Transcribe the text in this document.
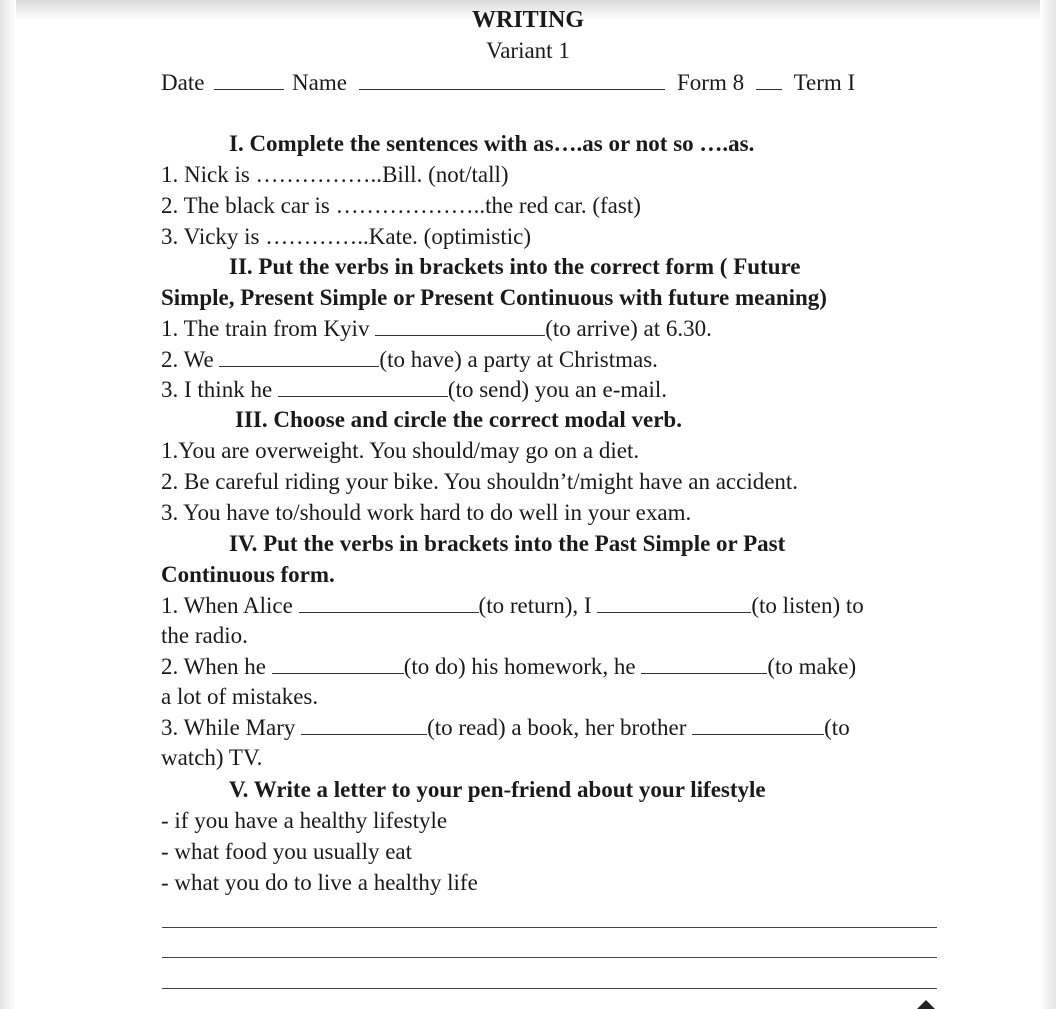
WRITING
Variant 1
Date	Name	Form 8 Term I
I. Complete the sentences with as….as or not so ….as.
1. Nick is ……………..Bill. (not/tall)
2. The black car is ………………..the red car. (fast)
3. Vicky is …………..Kate. (optimistic)
II. Put the verbs in brackets into the correct form ( Future
Simple, Present Simple or Present Continuous with future meaning)
1. The train from Kyiv	(to arrive) at 6.30.
2. We	(to have) a party at Christmas.
3. I think he	(to send) you an e-mail.
III. Choose and circle the correct modal verb.
1.You are overweight. You should/may go on a diet.
2. Be careful riding your bike. You shouldn’t/might have an accident.
3. You have to/should work hard to do well in your exam.
IV. Put the verbs in brackets into the Past Simple or Past
Continuous form.
1. When Alice	(to return), I	(to listen) to
the radio.
2. When he	(to do) his homework, he	(to make)
a lot of mistakes.
3. While Mary	(to read) a book, her brother	(to
watch) TV.
V. Write a letter to your pen-friend about your lifestyle
- if you have a healthy lifestyle
- what food you usually eat
- what you do to live a healthy life
